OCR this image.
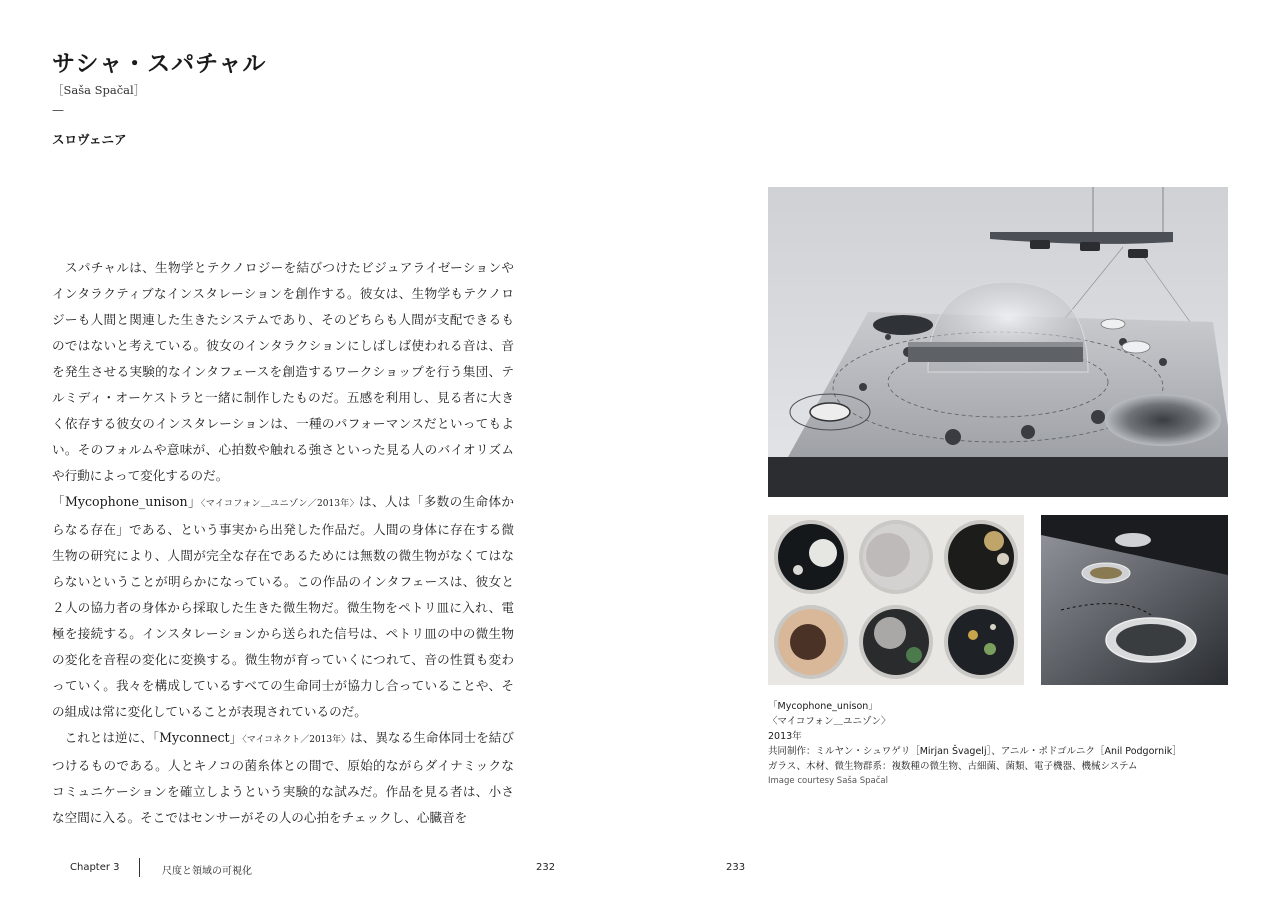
サシャ・スパチャル
［Saša Spačal］
—
スロヴェニア

　スパチャルは、生物学とテクノロジーを結びつけたビジュアライゼーションやインタラクティブなインスタレーションを創作する。彼女は、生物学もテクノロジーも人間と関連した生きたシステムであり、そのどちらも人間が支配できるものではないと考えている。彼女のインタラクションにしばしば使われる音は、音を発生させる実験的なインタフェースを創造するワークショップを行う集団、テルミディ・オーケストラと一緒に制作したものだ。五感を利用し、見る者に大きく依存する彼女のインスタレーションは、一種のパフォーマンスだといってもよい。そのフォルムや意味が、心拍数や触れる強さといった見る人のバイオリズムや行動によって変化するのだ。

「Mycophone_unison」〈マイコフォン＿ユニゾン／2013年〉は、人は「多数の生命体からなる存在」である、という事実から出発した作品だ。人間の身体に存在する微生物の研究により、人間が完全な存在であるためには無数の微生物がなくてはならないということが明らかになっている。この作品のインタフェースは、彼女と２人の協力者の身体から採取した生きた微生物だ。微生物をペトリ皿に入れ、電極を接続する。インスタレーションから送られた信号は、ペトリ皿の中の微生物の変化を音程の変化に変換する。微生物が育っていくにつれて、音の性質も変わっていく。我々を構成しているすべての生命同士が協力し合っていることや、その組成は常に変化していることが表現されているのだ。

　これとは逆に、「Myconnect」〈マイコネクト／2013年〉は、異なる生命体同士を結びつけるものである。人とキノコの菌糸体との間で、原始的ながらダイナミックなコミュニケーションを確立しようという実験的な試みだ。作品を見る者は、小さな空間に入る。そこではセンサーがその人の心拍をチェックし、心臓音を

「Mycophone_unison」
〈マイコフォン＿ユニゾン〉
2013年
共同制作：ミルヤン・シュワゲリ［Mirjan Švagelj］、アニル・ポドゴルニク［Anil Podgornik］
ガラス、木材、微生物群系：複数種の微生物、古細菌、菌類、電子機器、機械システム
Image courtesy Saša Spačal
Chapter 3	尺度と領域の可視化	232	233
